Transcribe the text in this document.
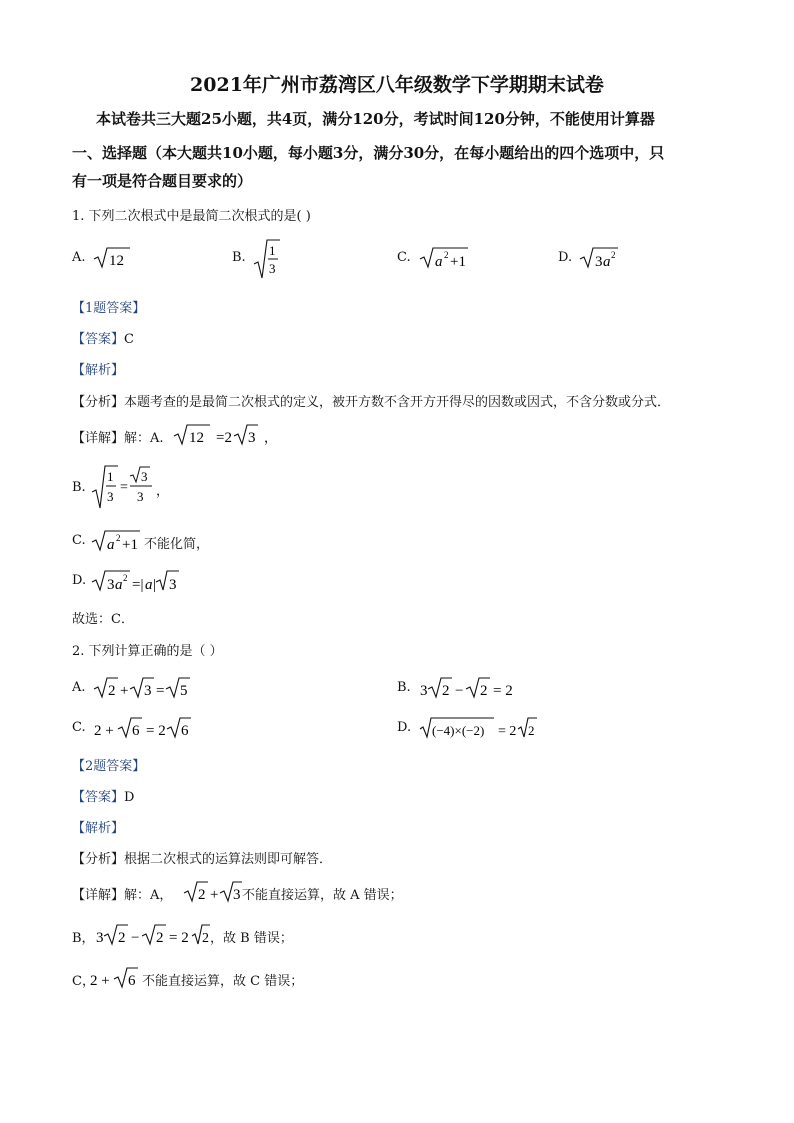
2021年广州市荔湾区八年级数学下学期期末试卷
本试卷共三大题25小题，共4页，满分120分，考试时间120分钟，不能使用计算器
一、选择题（本大题共10小题，每小题3分，满分30分，在每小题给出的四个选项中，只
有一项是符合题目要求的）
1. 下列二次根式中是最简二次根式的是( )
A. 12	B. 1
3
C. a 2 +1	D. 3 a 2
【1题答案】
【答案】C
【解析】
【分析】本题考查的是最简二次根式的定义，被开方数不含开方开得尽的因数或因式，不含分数或分式．
【详解】解：A. 12 =2 3 ，
B.
1
3
=
3
3 ，
C. a 2 +1 不能化简，
D. 3 a 2 =| a | 3
故选：C．
2. 下列计算正确的是（ ）
A. 2 + 3 = 5	B. 3 2 − 2 = 2
C. 2 + 6 = 2 6	D. (−4)×(−2) = 2 2
【2题答案】
【答案】D
【解析】
【分析】根据二次根式的运算法则即可解答．
【详解】解：A， 2 + 3 不能直接运算，故 A 错误；
B， 3 2 − 2 = 2 2 ，故 B 错误；
C，
2 + 6 不能直接运算，故 C 错误；
